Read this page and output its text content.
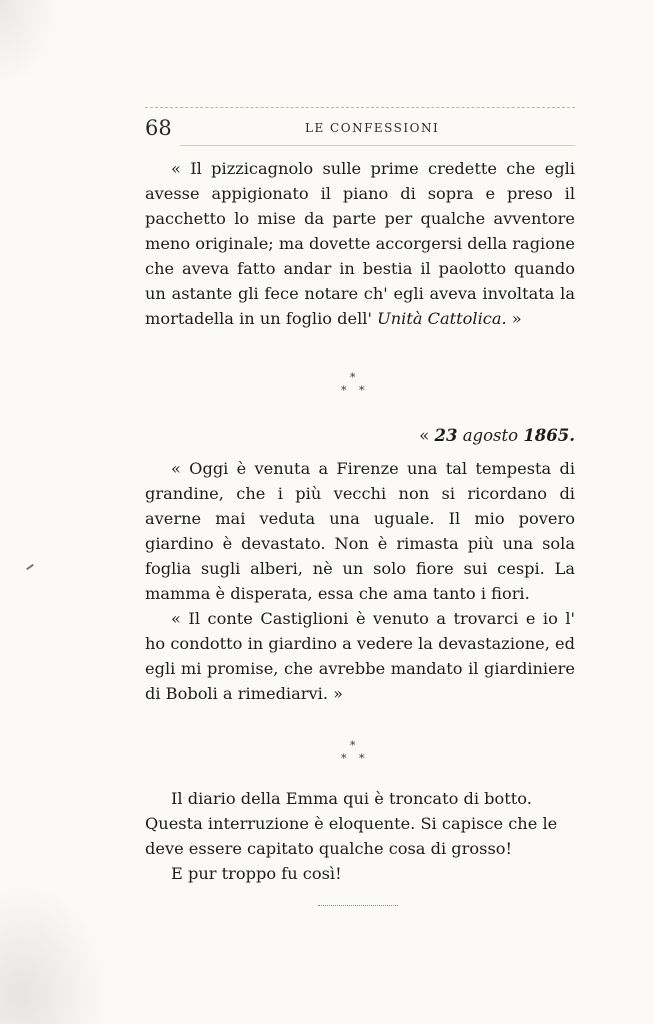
68	LE CONFESSIONI

« Il pizzicagnolo sulle prime credette che egli avesse appigionato il piano di sopra e preso il pacchetto lo mise da parte per qualche avventore meno originale; ma dovette accorgersi della ragione che aveva fatto andar in bestia il paolotto quando un astante gli fece notare ch' egli aveva involtata la mortadella in un foglio dell' Unità Cattolica. »

*
* *
« 23 agosto 1865.

« Oggi è venuta a Firenze una tal tempesta di grandine, che i più vecchi non si ricordano di averne mai veduta una uguale. Il mio povero giardino è devastato. Non è rimasta più una sola foglia sugli alberi, nè un solo fiore sui cespi. La mamma è disperata, essa che ama tanto i fiori.

« Il conte Castiglioni è venuto a trovarci e io l' ho condotto in giardino a vedere la devastazione, ed egli mi promise, che avrebbe mandato il giardiniere di Boboli a rimediarvi. »

*
* *

Il diario della Emma qui è troncato di botto. Questa interruzione è eloquente. Si capisce che le deve essere capitato qualche cosa di grosso!

E pur troppo fu così!
